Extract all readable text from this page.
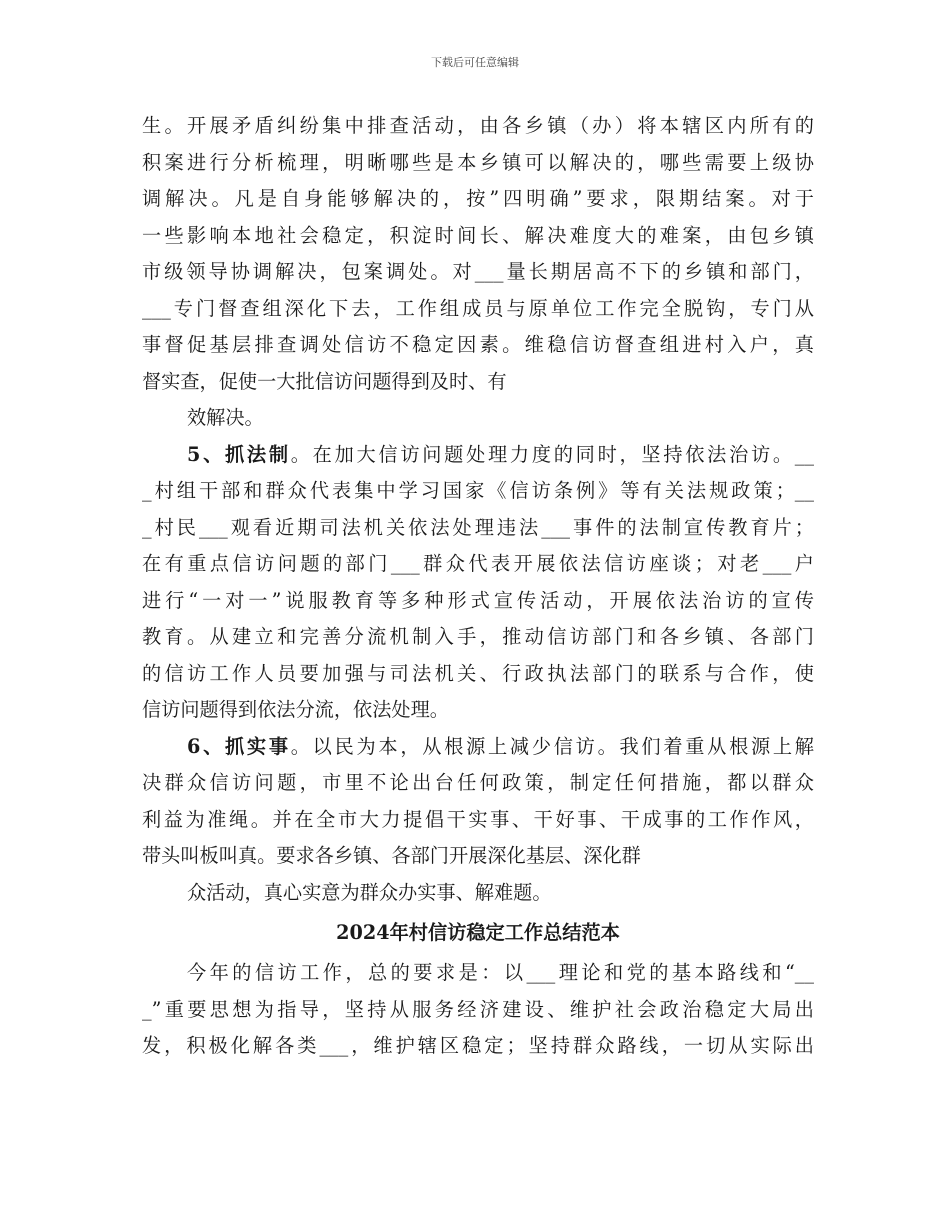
下载后可任意编辑
生。开展矛盾纠纷集中排查活动，由各乡镇（办）将本辖区内所有的
积案进行分析梳理，明晰哪些是本乡镇可以解决的，哪些需要上级协
调解决。凡是自身能够解决的，按”四明确”要求，限期结案。对于
一些影响本地社会稳定，积淀时间长、解决难度大的难案，由包乡镇
市级领导协调解决，包案调处。对___量长期居高不下的乡镇和部门，
___专门督查组深化下去，工作组成员与原单位工作完全脱钩，专门从
事督促基层排查调处信访不稳定因素。维稳信访督查组进村入户，真
督实查，促使一大批信访问题得到及时、有
效解决。
5、抓法制。在加大信访问题处理力度的同时，坚持依法治访。__
_村组干部和群众代表集中学习国家《信访条例》等有关法规政策；__
_村民___观看近期司法机关依法处理违法___事件的法制宣传教育片；
在有重点信访问题的部门___群众代表开展依法信访座谈；对老___户
进行“一对一”说服教育等多种形式宣传活动，开展依法治访的宣传
教育。从建立和完善分流机制入手，推动信访部门和各乡镇、各部门
的信访工作人员要加强与司法机关、行政执法部门的联系与合作，使
信访问题得到依法分流，依法处理。
6、抓实事。以民为本，从根源上减少信访。我们着重从根源上解
决群众信访问题，市里不论出台任何政策，制定任何措施，都以群众
利益为准绳。并在全市大力提倡干实事、干好事、干成事的工作作风，
带头叫板叫真。要求各乡镇、各部门开展深化基层、深化群
众活动，真心实意为群众办实事、解难题。
2024年村信访稳定工作总结范本
今年的信访工作，总的要求是：以___理论和党的基本路线和“__
_”重要思想为指导，坚持从服务经济建设、维护社会政治稳定大局出
发，积极化解各类___，维护辖区稳定；坚持群众路线，一切从实际出
